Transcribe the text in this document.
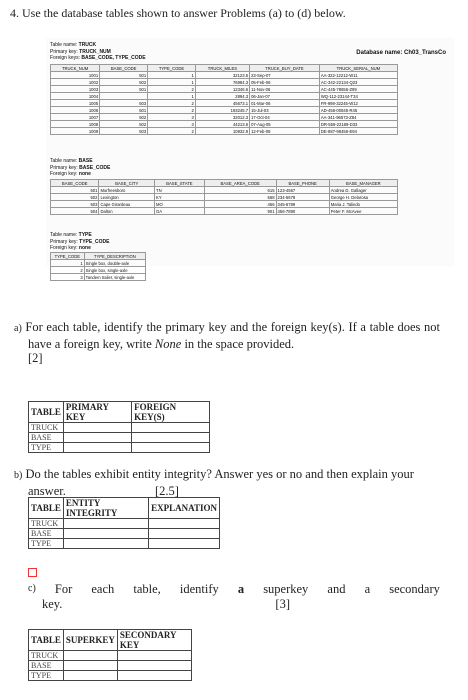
4. Use the database tables shown to answer Problems (a) to (d) below.
Table name: TRUCK
Primary key: TRUCK_NUM
Foreign keys: BASE_CODE, TYPE_CODE
Database name: Ch03_TransCo
TRUCK_NUM	BASE_CODE	TYPE_CODE	TRUCK_MILES	TRUCK_BUY_DATE	TRUCK_SERIAL_NUM
1001	501	1	32123.5	23-Sep-07	AA-322-12212-W11
1002	502	1	76984.3	05-Feb-06	AC-342-22134-Q23
1003	501	2	12346.6	11-Nov-06	AC-445-78656-Z99
1004		1	2894.3	06-Jan-07	WQ-112-23144-T34
1005	503	2	45673.1	01-Mar-06	FR-998-32245-W12
1006	501	2	193245.7	15-Jul-03	AD-456-00845-R45
1007	502	3	32012.3	17-Oct-04	AA-341-96573-Z84
1008	502	3	44213.6	07-Aug-05	DR-559-22189-D33
1009	503	2	10932.9	12-Feb-08	DE-887-98456-E94
Table name: BASE
Primary key: BASE_CODE
Foreign key: none
BASE_CODE	BASE_CITY	BASE_STATE	BASE_AREA_CODE	BASE_PHONE	BASE_MANAGER
501	Murfreesboro	TN	615	123-4567	Andrea D. Gallager
502	Lexington	KY	568	234-5678	George H. Delarosa
503	Cape Girardeau	MO	456	345-6789	Maria J. Talindo
504	Dalton	GA	901	456-7890	Peter F. McAvee
Table name: TYPE
Primary key: TYPE_CODE
Foreign key: none
TYPE_CODE	TYPE_DESCRIPTION
1	Single box, double-axle
2	Single box, single-axle
3	Tandem trailer, single-axle
a) For each table, identify the primary key and the foreign key(s). If a table does not have a foreign key, write None in the space provided.
[2]
TABLE	PRIMARY KEY	FOREIGN KEY(S)
TRUCK		
BASE		
TYPE		
b) Do the tables exhibit entity integrity? Answer yes or no and then explain your answer.	[2.5]
TABLE	ENTITY INTEGRITY	EXPLANATION
TRUCK		
BASE		
TYPE		
c) For each table, identify a superkey and a secondary
key.	[3]
TABLE	SUPERKEY	SECONDARY KEY
TRUCK		
BASE		
TYPE		
